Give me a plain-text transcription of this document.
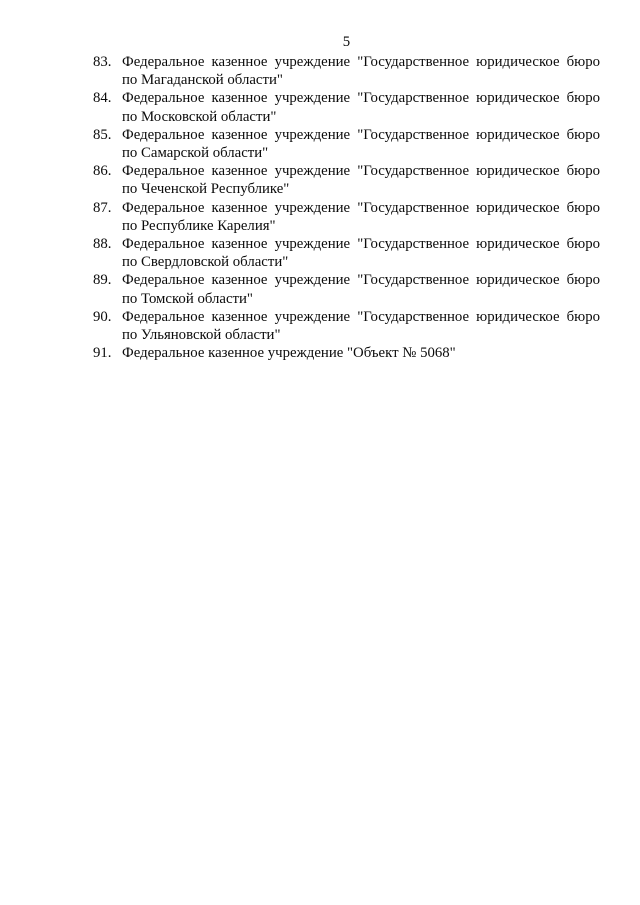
5
83. Федеральное казенное учреждение "Государственное юридическое бюро
по Магаданской области"
84. Федеральное казенное учреждение "Государственное юридическое бюро
по Московской области"
85. Федеральное казенное учреждение "Государственное юридическое бюро
по Самарской области"
86. Федеральное казенное учреждение "Государственное юридическое бюро
по Чеченской Республике"
87. Федеральное казенное учреждение "Государственное юридическое бюро
по Республике Карелия"
88. Федеральное казенное учреждение "Государственное юридическое бюро
по Свердловской области"
89. Федеральное казенное учреждение "Государственное юридическое бюро
по Томской области"
90. Федеральное казенное учреждение "Государственное юридическое бюро
по Ульяновской области"
91. Федеральное казенное учреждение "Объект № 5068"
